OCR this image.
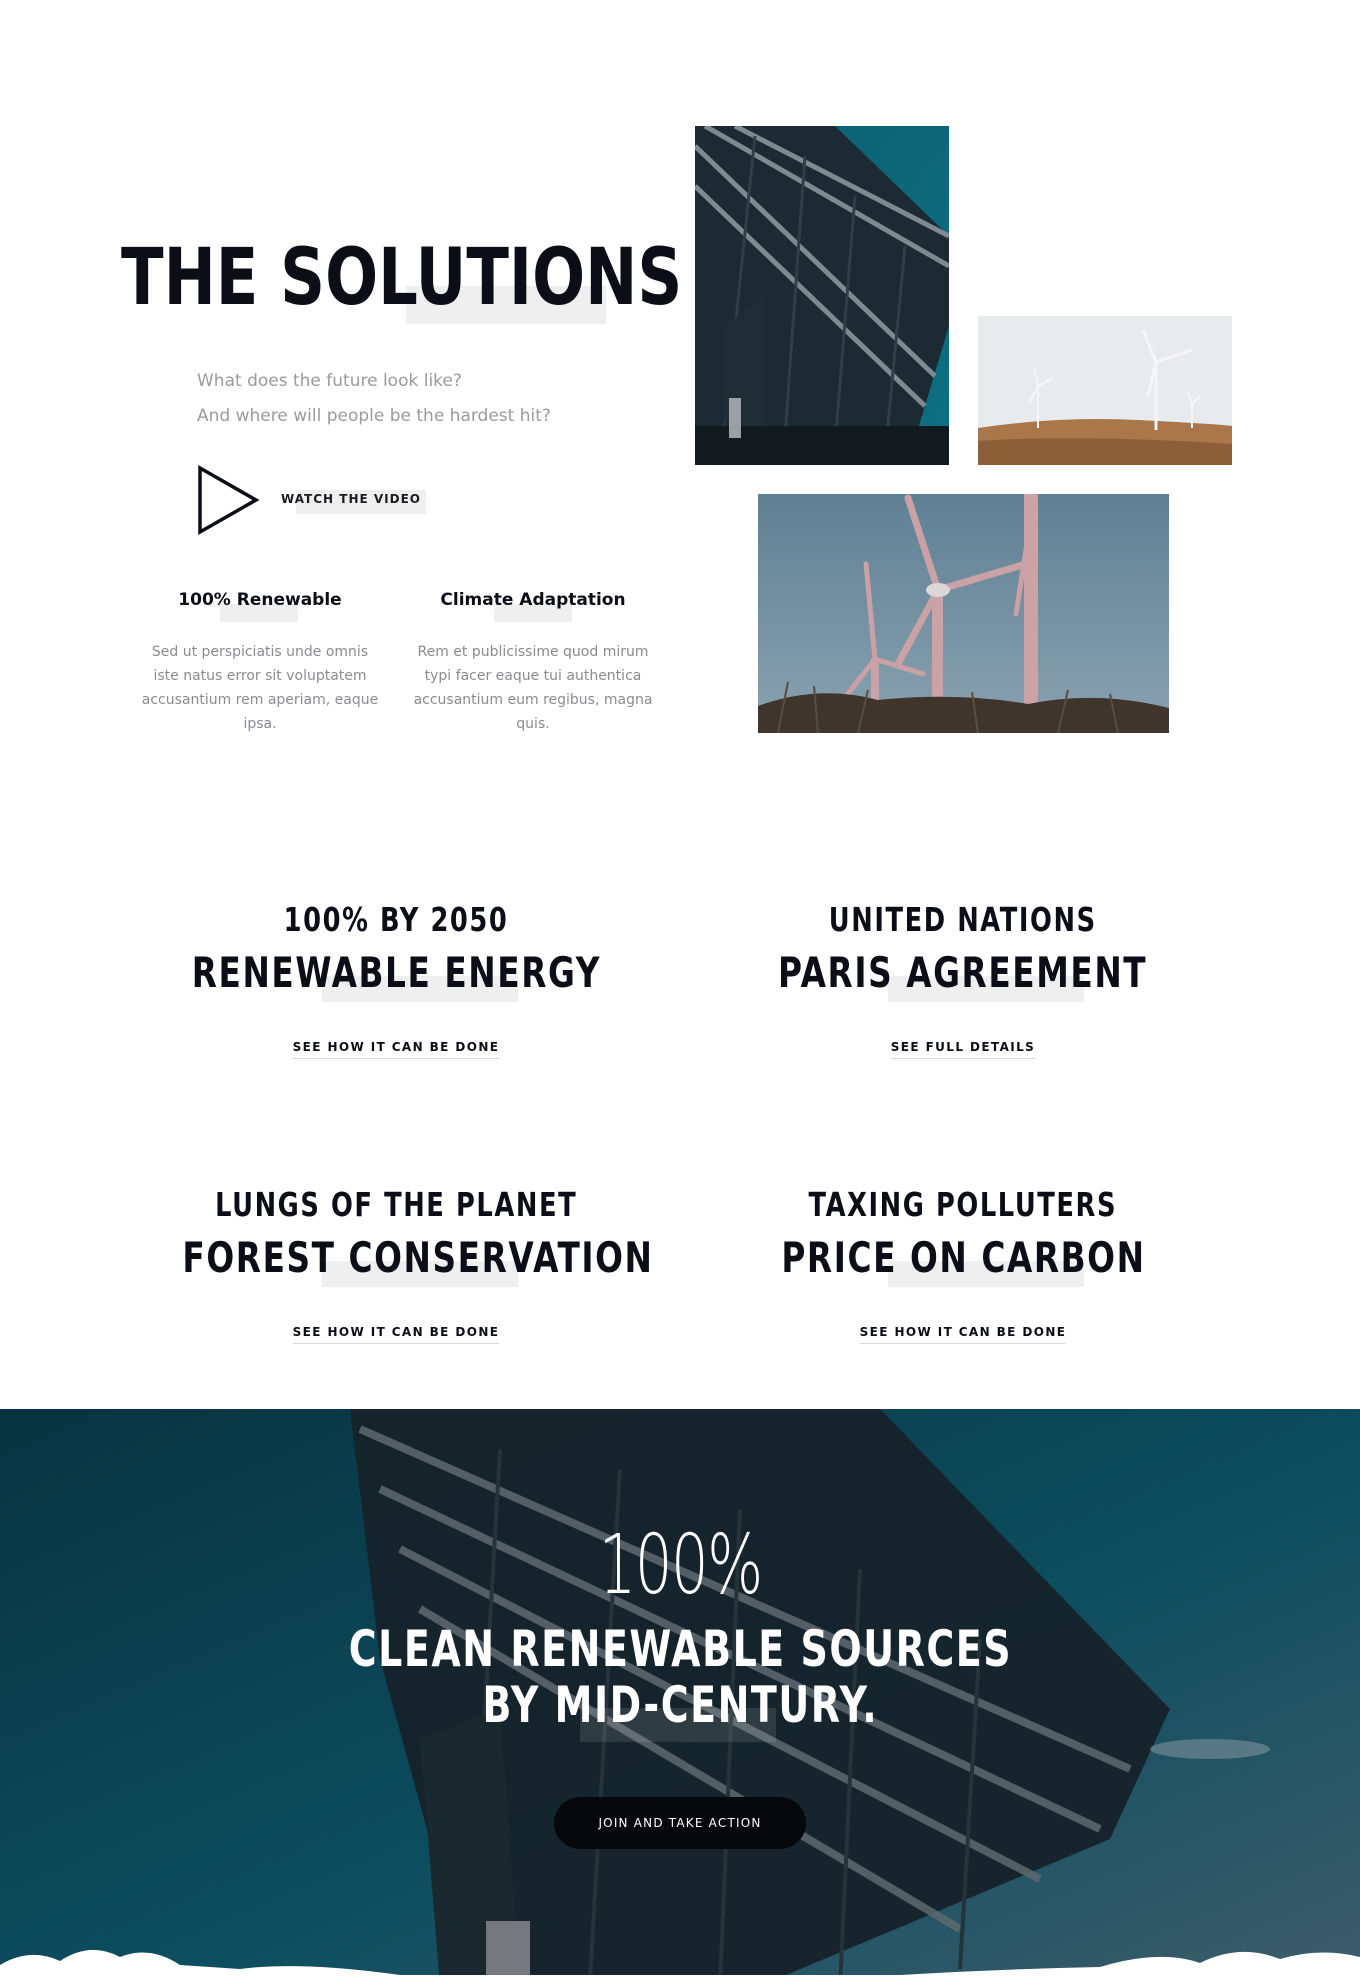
THE SOLUTIONS
What does the future look like?
And where will people be the hardest hit?
WATCH THE VIDEO
100% Renewable
Sed ut perspiciatis unde omnis iste natus error sit voluptatem accusantium rem aperiam, eaque ipsa.
Climate Adaptation
Rem et publicissime quod mirum typi facer eaque tui authentica accusantium eum regibus, magna quis.
100% BY 2050
RENEWABLE ENERGY
SEE HOW IT CAN BE DONE
UNITED NATIONS
PARIS AGREEMENT
SEE FULL DETAILS
LUNGS OF THE PLANET
FOREST CONSERVATION
SEE HOW IT CAN BE DONE
TAXING POLLUTERS
PRICE ON CARBON
SEE HOW IT CAN BE DONE
100%
CLEAN RENEWABLE SOURCES
BY MID-CENTURY.
JOIN AND TAKE ACTION
